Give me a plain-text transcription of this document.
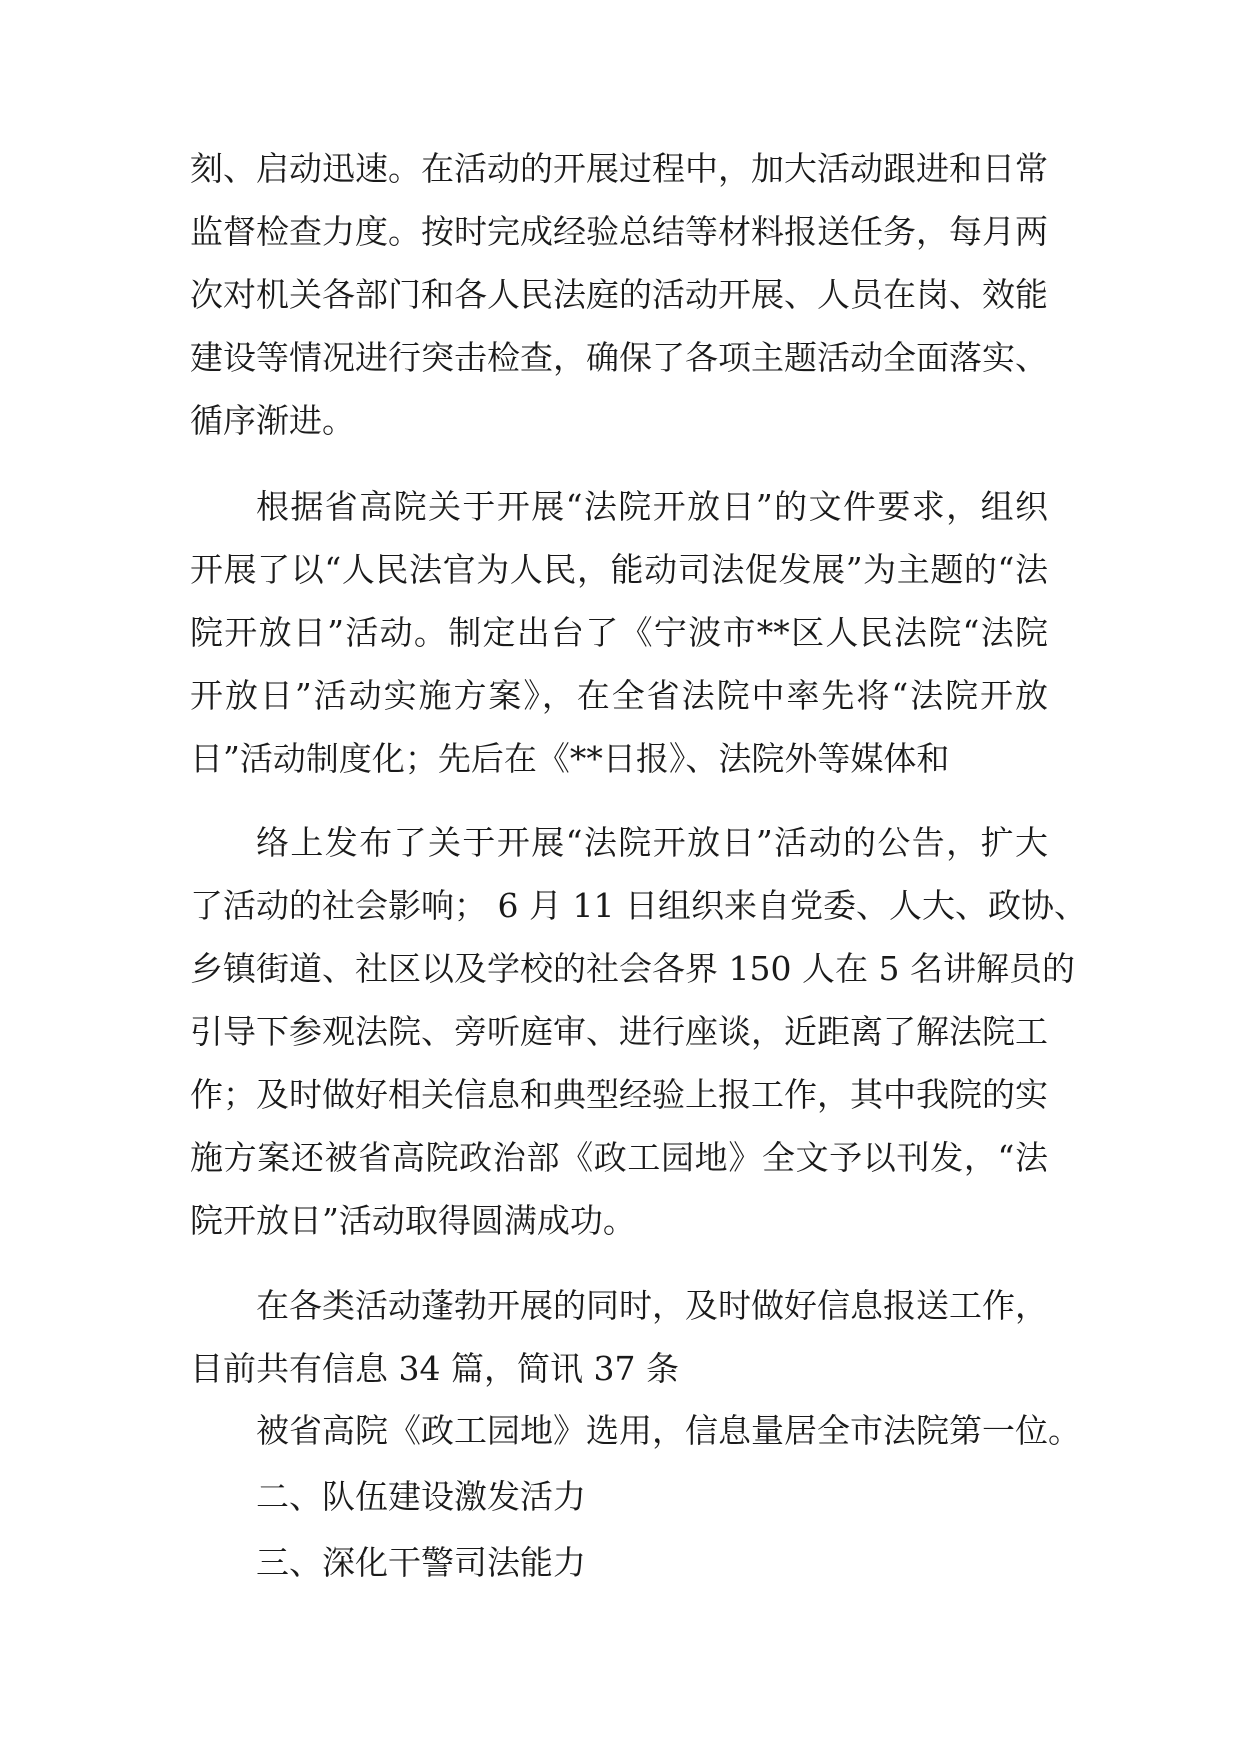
刻、启动迅速。在活动的开展过程中，加大活动跟进和日常
监督检查力度。按时完成经验总结等材料报送任务，每月两
次对机关各部门和各人民法庭的活动开展、人员在岗、效能
建设等情况进行突击检查，确保了各项主题活动全面落实、
循序渐进。
根据省高院关于开展“法院开放日”的文件要求，组织
开展了以“人民法官为人民，能动司法促发展”为主题的“法
院开放日”活动。制定出台了《宁波市**区人民法院“法院
开放日”活动实施方案》，在全省法院中率先将“法院开放
日”活动制度化；先后在《**日报》、法院外等媒体和
络上发布了关于开展“法院开放日”活动的公告，扩大
了活动的社会影响； 6 月 11 日组织来自党委、人大、政协、
乡镇街道、社区以及学校的社会各界 150 人在 5 名讲解员的
引导下参观法院、旁听庭审、进行座谈，近距离了解法院工
作；及时做好相关信息和典型经验上报工作，其中我院的实
施方案还被省高院政治部《政工园地》全文予以刊发，“法
院开放日”活动取得圆满成功。
在各类活动蓬勃开展的同时，及时做好信息报送工作，
目前共有信息 34 篇，简讯 37 条
被省高院《政工园地》选用，信息量居全市法院第一位。
二、队伍建设激发活力
三、深化干警司法能力
